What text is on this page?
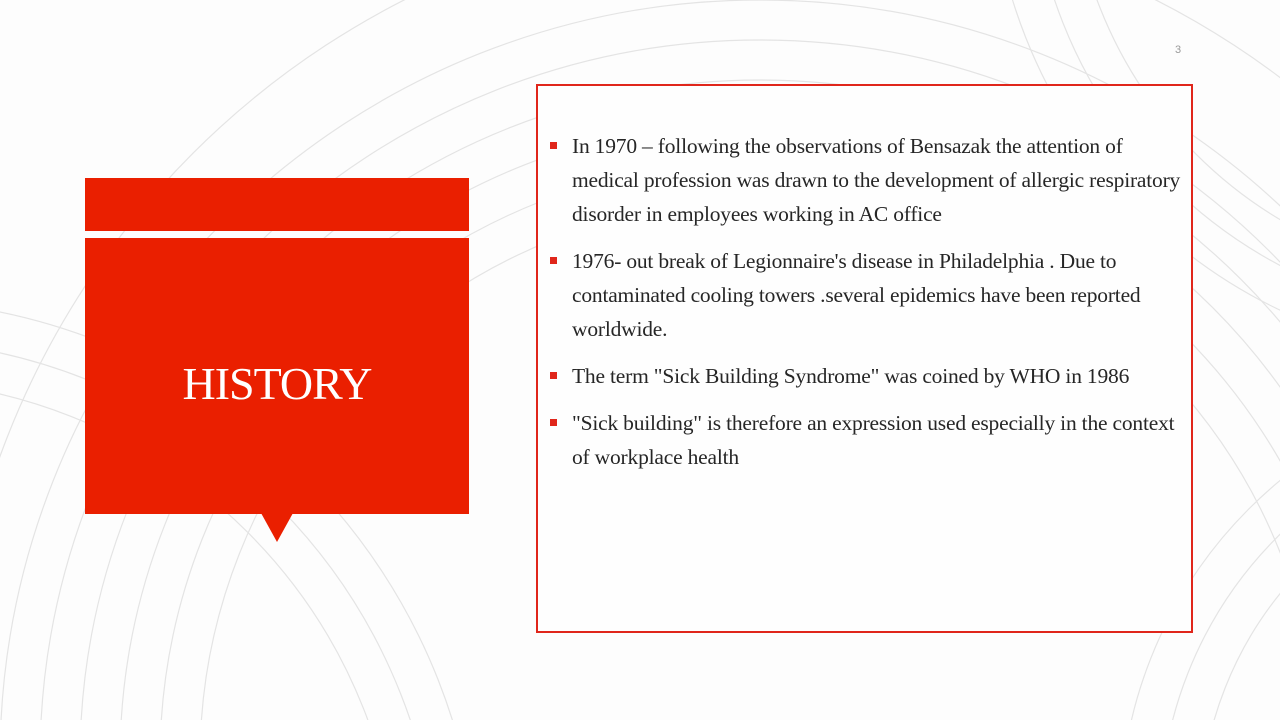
3
HISTORY
In 1970 – following the observations of Bensazak the attention of medical profession was drawn to the development of allergic respiratory disorder in employees working in AC office
1976- out break of Legionnaire's disease in Philadelphia . Due to contaminated cooling towers .several epidemics have been reported worldwide.
The term "Sick Building Syndrome" was coined by WHO in 1986
"Sick building" is therefore an expression used especially in the context of workplace health
